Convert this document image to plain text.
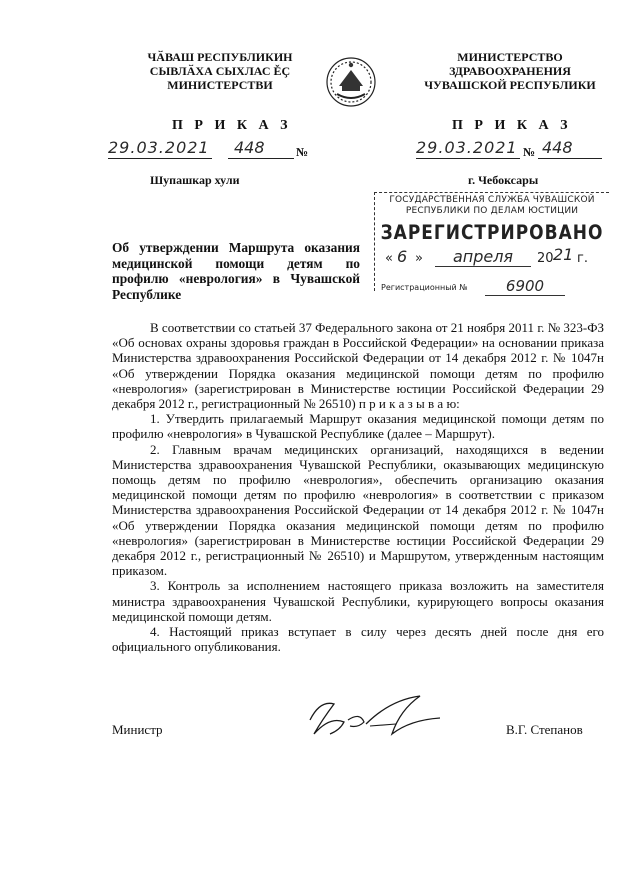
ЧӐВАШ РЕСПУБЛИКИН
СЫВЛӐХА СЫХЛАС ĚҪ
МИНИСТЕРСТВИ
МИНИСТЕРСТВО
ЗДРАВООХРАНЕНИЯ
ЧУВАШСКОЙ РЕСПУБЛИКИ
П Р И К А З	П Р И К А З
29.03.2021	448	№	29.03.2021 № 448
Шупашкар хули	г. Чебоксары
ГОСУДАРСТВЕННАЯ СЛУЖБА ЧУВАШСКОЙ
РЕСПУБЛИКИ ПО ДЕЛАМ ЮСТИЦИИ
ЗАРЕГИСТРИРОВАНО
« 6 »	апреля	20 21 г.
Регистрационный №	6900
Об утверждении Маршрута оказания медицинской помощи детям по профилю «неврология» в Чувашской Республике

В соответствии со статьей 37 Федерального закона от 21 ноября 2011 г. № 323-ФЗ «Об основах охраны здоровья граждан в Российской Федерации» на основании приказа Министерства здравоохранения Российской Федерации от 14 декабря 2012 г. № 1047н «Об утверждении Порядка оказания медицинской помощи детям по профилю «неврология» (зарегистрирован в Министерстве юстиции Российской Федерации 29 декабря 2012 г., регистрационный № 26510) п р и к а з ы в а ю:

1. Утвердить прилагаемый Маршрут оказания медицинской помощи детям по профилю «неврология» в Чувашской Республике (далее – Маршрут).

2. Главным врачам медицинских организаций, находящихся в ведении Министерства здравоохранения Чувашской Республики, оказывающих медицинскую помощь детям по профилю «неврология», обеспечить организацию оказания медицинской помощи детям по профилю «неврология» в соответствии с приказом Министерства здравоохранения Российской Федерации от 14 декабря 2012 г. № 1047н «Об утверждении Порядка оказания медицинской помощи детям по профилю «неврология» (зарегистрирован в Министерстве юстиции Российской Федерации 29 декабря 2012 г., регистрационный № 26510) и Маршрутом, утвержденным настоящим приказом.

3. Контроль за исполнением настоящего приказа возложить на заместителя министра здравоохранения Чувашской Республики, курирующего вопросы оказания медицинской помощи детям.

4. Настоящий приказ вступает в силу через десять дней после дня его официального опубликования.

Министр	В.Г. Степанов
